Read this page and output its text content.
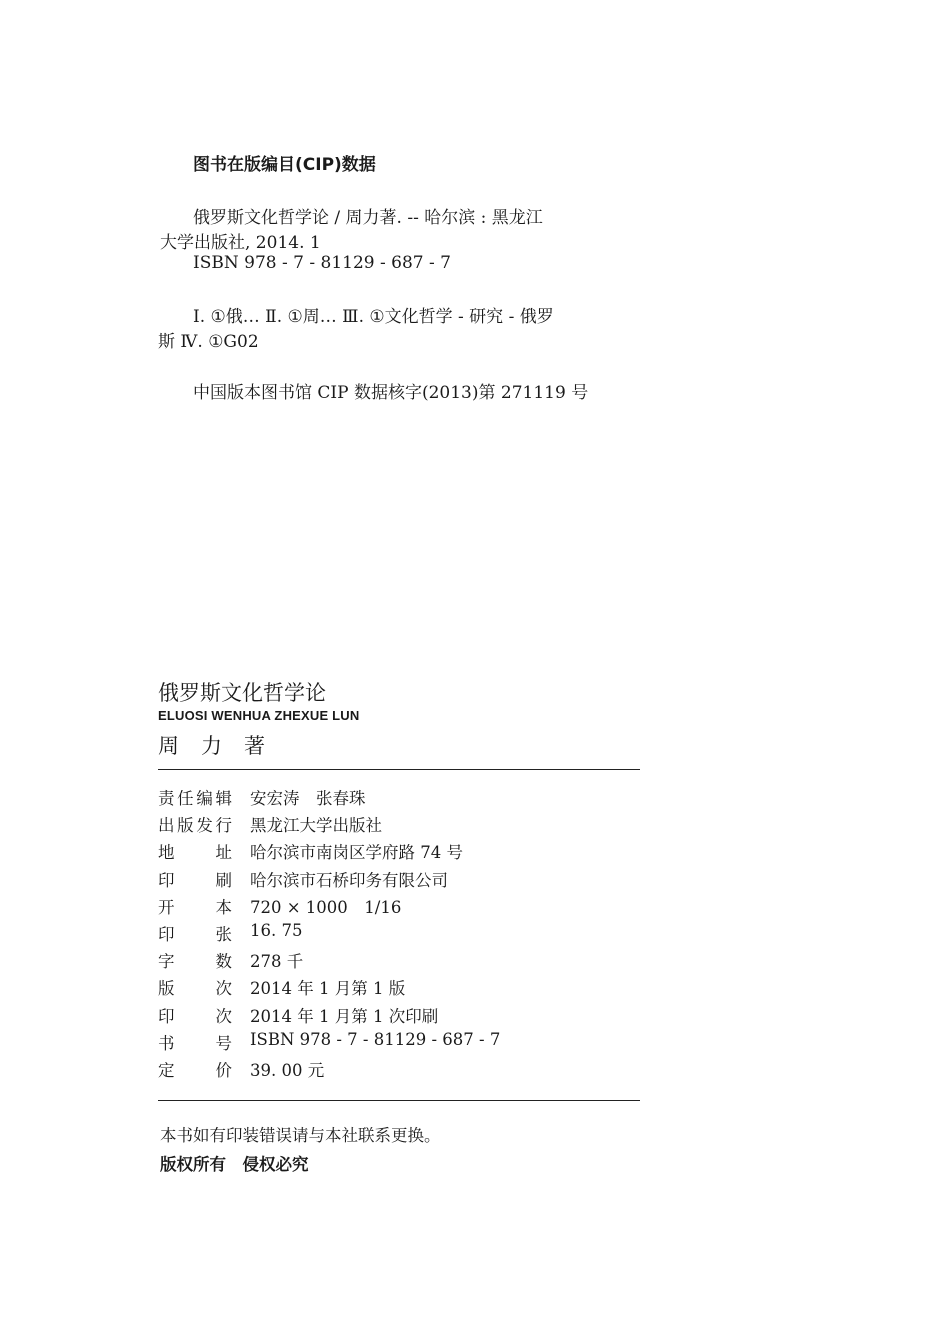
图书在版编目(CIP)数据
俄罗斯文化哲学论 / 周力著. -- 哈尔滨 : 黑龙江
大学出版社, 2014. 1
ISBN 978 - 7 - 81129 - 687 - 7
Ⅰ. ①俄… Ⅱ. ①周… Ⅲ. ①文化哲学 - 研究 - 俄罗
斯 Ⅳ. ①G02
中国版本图书馆 CIP 数据核字(2013)第 271119 号
俄罗斯文化哲学论
ELUOSI WENHUA ZHEXUE LUN
周力著
责 任 编 辑 安宏涛　张春珠
出 版 发 行 黑龙江大学出版社
地 址 哈尔滨市南岗区学府路 74 号
印 刷 哈尔滨市石桥印务有限公司
开 本 720 × 1000　1/16
印 张 16. 75
字 数 278 千
版 次 2014 年 1 月第 1 版
印 次 2014 年 1 月第 1 次印刷
书 号 ISBN 978 - 7 - 81129 - 687 - 7
定 价 39. 00 元
本书如有印装错误请与本社联系更换。
版权所有　侵权必究
